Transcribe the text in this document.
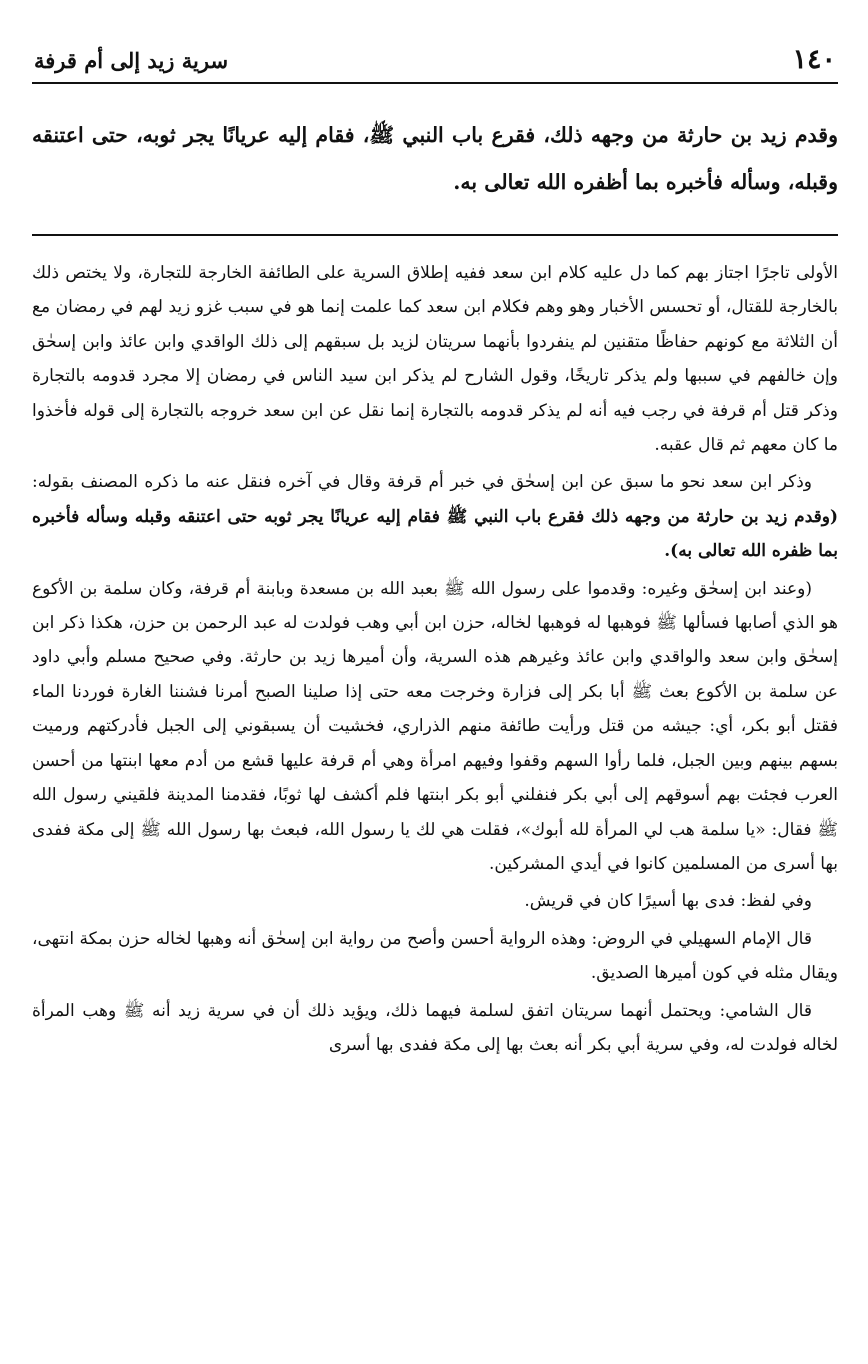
١٤٠
سرية زيد إلى أم قرفة

وقدم زيد بن حارثة من وجهه ذلك، فقرع باب النبي ﷺ، فقام إليه عريانًا يجر ثوبه، حتى اعتنقه وقبله، وسأله فأخبره بما أظفره الله تعالى به.

الأولى تاجرًا اجتاز بهم كما دل عليه كلام ابن سعد ففيه إطلاق السرية على الطائفة الخارجة للتجارة، ولا يختص ذلك بالخارجة للقتال، أو تحسس الأخبار وهو وهم فكلام ابن سعد كما علمت إنما هو في سبب غزو زيد لهم في رمضان مع أن الثلاثة مع كونهم حفاظًا متقنين لم ينفردوا بأنهما سريتان لزيد بل سبقهم إلى ذلك الواقدي وابن عائذ وابن إسحٰق وإن خالفهم في سببها ولم يذكر تاريخًا، وقول الشارح لم يذكر ابن سيد الناس في رمضان إلا مجرد قدومه بالتجارة وذكر قتل أم قرفة في رجب فيه أنه لم يذكر قدومه بالتجارة إنما نقل عن ابن سعد خروجه بالتجارة إلى قوله فأخذوا ما كان معهم ثم قال عقبه.

وذكر ابن سعد نحو ما سبق عن ابن إسحٰق في خبر أم قرفة وقال في آخره فنقل عنه ما ذكره المصنف بقوله: (وقدم زيد بن حارثة من وجهه ذلك فقرع باب النبي ﷺ فقام إليه عريانًا يجر ثوبه حتى اعتنقه وقبله وسأله فأخبره بما ظفره الله تعالى به).

(وعند ابن إسحٰق وغيره: وقدموا على رسول الله ﷺ بعبد الله بن مسعدة وبابنة أم قرفة، وكان سلمة بن الأكوع هو الذي أصابها فسألها ﷺ فوهبها له فوهبها لخاله، حزن ابن أبي وهب فولدت له عبد الرحمن بن حزن، هكذا ذكر ابن إسحٰق وابن سعد والواقدي وابن عائذ وغيرهم هذه السرية، وأن أميرها زيد بن حارثة. وفي صحيح مسلم وأبي داود عن سلمة بن الأكوع بعث ﷺ أبا بكر إلى فزارة وخرجت معه حتى إذا صلينا الصبح أمرنا فشننا الغارة فوردنا الماء فقتل أبو بكر، أي: جيشه من قتل ورأيت طائفة منهم الذراري، فخشيت أن يسبقوني إلى الجبل فأدركتهم ورميت بسهم بينهم وبين الجبل، فلما رأوا السهم وقفوا وفيهم امرأة وهي أم قرفة عليها قشع من أدم معها ابنتها من أحسن العرب فجئت بهم أسوقهم إلى أبي بكر فنفلني أبو بكر ابنتها فلم أكشف لها ثوبًا، فقدمنا المدينة فلقيني رسول الله ﷺ فقال: «يا سلمة هب لي المرأة لله أبوك»، فقلت هي لك يا رسول الله، فبعث بها رسول الله ﷺ إلى مكة ففدى بها أسرى من المسلمين كانوا في أيدي المشركين.

وفي لفظ: فدى بها أسيرًا كان في قريش.

قال الإمام السهيلي في الروض: وهذه الرواية أحسن وأصح من رواية ابن إسحٰق أنه وهبها لخاله حزن بمكة انتهى، ويقال مثله في كون أميرها الصديق.

قال الشامي: ويحتمل أنهما سريتان اتفق لسلمة فيهما ذلك، ويؤيد ذلك أن في سرية زيد أنه ﷺ وهب المرأة لخاله فولدت له، وفي سرية أبي بكر أنه بعث بها إلى مكة ففدى بها أسرى
